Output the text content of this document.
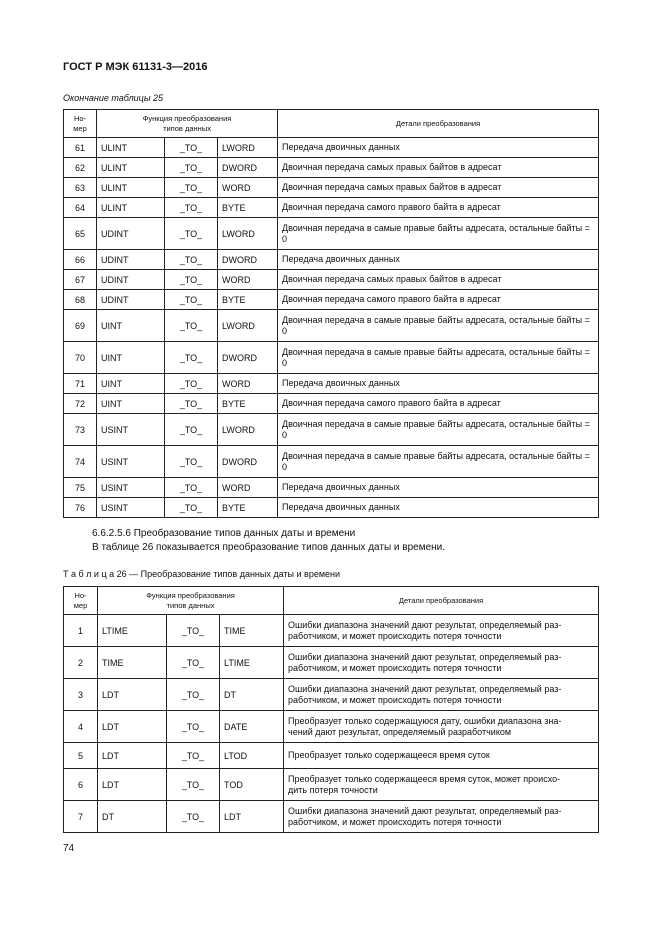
ГОСТ Р МЭК 61131-3—2016
Окончание таблицы 25
Но-
мер	Функция преобразования
типов данных			Детали преобразования
61	ULINT	_TO_	LWORD	Передача двоичных данных
62	ULINT	_TO_	DWORD	Двоичная передача самых правых байтов в адресат
63	ULINT	_TO_	WORD	Двоичная передача самых правых байтов в адресат
64	ULINT	_TO_	BYTE	Двоичная передача самого правого байта в адресат
65	UDINT	_TO_	LWORD	Двоичная передача в самые правые байты адресата, остальные байты = 0
66	UDINT	_TO_	DWORD	Передача двоичных данных
67	UDINT	_TO_	WORD	Двоичная передача самых правых байтов в адресат
68	UDINT	_TO_	BYTE	Двоичная передача самого правого байта в адресат
69	UINT	_TO_	LWORD	Двоичная передача в самые правые байты адресата, остальные байты = 0
70	UINT	_TO_	DWORD	Двоичная передача в самые правые байты адресата, остальные байты = 0
71	UINT	_TO_	WORD	Передача двоичных данных
72	UINT	_TO_	BYTE	Двоичная передача самого правого байта в адресат
73	USINT	_TO_	LWORD	Двоичная передача в самые правые байты адресата, остальные байты = 0
74	USINT	_TO_	DWORD	Двоичная передача в самые правые байты адресата, остальные байты = 0
75	USINT	_TO_	WORD	Передача двоичных данных
76	USINT	_TO_	BYTE	Передача двоичных данных
6.6.2.5.6 Преобразование типов данных даты и времени
В таблице 26 показывается преобразование типов данных даты и времени.
Т а б л и ц а 26 — Преобразование типов данных даты и времени
Но-
мер	Функция преобразования
типов данных			Детали преобразования
1	LTIME	_TO_	TIME	Ошибки диапазона значений дают результат, определяемый раз-
работчиком, и может происходить потеря точности
2	TIME	_TO_	LTIME	Ошибки диапазона значений дают результат, определяемый раз-
работчиком, и может происходить потеря точности
3	LDT	_TO_	DT	Ошибки диапазона значений дают результат, определяемый раз-
работчиком, и может происходить потеря точности
4	LDT	_TO_	DATE	Преобразует только содержащуюся дату, ошибки диапазона зна-
чений дают результат, определяемый разработчиком
5	LDT	_TO_	LTOD	Преобразует только содержащееся время суток
6	LDT	_TO_	TOD	Преобразует только содержащееся время суток, может происхо-
дить потеря точности
7	DT	_TO_	LDT	Ошибки диапазона значений дают результат, определяемый раз-
работчиком, и может происходить потеря точности
74
